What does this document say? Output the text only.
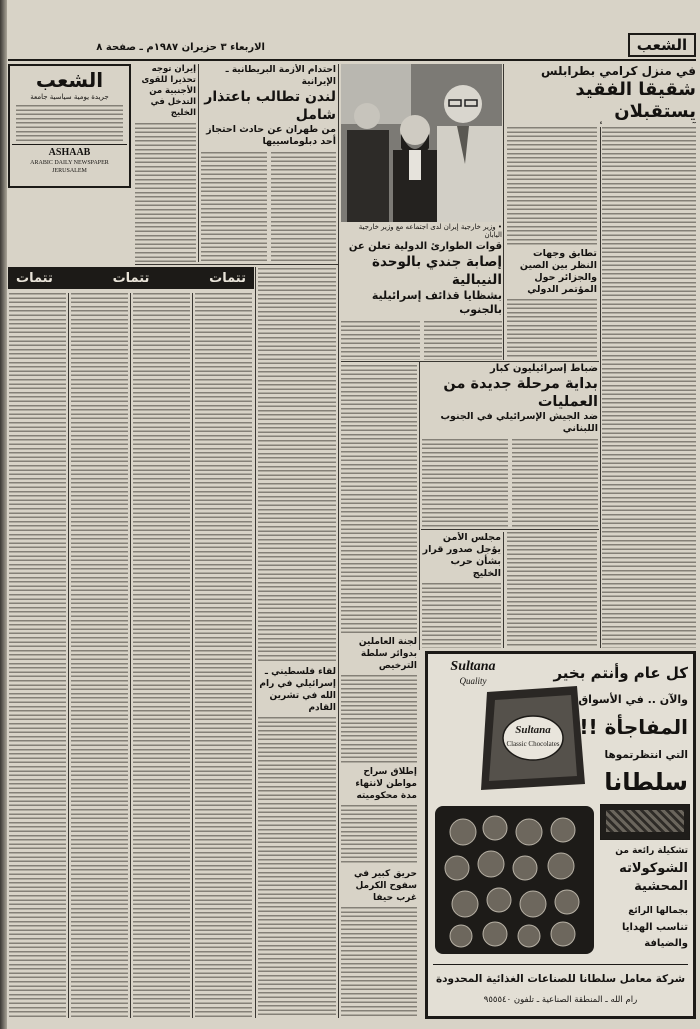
الاربعاء ٣ حزيران ١٩٨٧م ـ صفحة ٨	الشعب
الشعب
جريدة يومية سياسية جامعة
ASHAAB
ARABIC DAILY NEWSPAPER
JERUSALEM
إيران توجه تحذيرا للقوى الأجنبية من التدخل في الخليج
احتدام الأزمة البريطانية ـ الإيرانية
لندن تطالب باعتذار شامل
من طهران عن حادث احتجاز أحد دبلوماسييها
تتمات	تتمات	تتمات
لقاء فلسطيني ـ إسرائيلي في رام الله في تشرين القادم
• وزير خارجية إيران لدى اجتماعه مع وزير خارجية اليابان
قوات الطوارئ الدولية تعلن عن
إصابة جندي بالوحدة النيبالية
بشظايا قذائف إسرائيلية بالجنوب
لجنة العاملين بدوائر سلطة الترخيص
إطلاق سراح مواطن لانتهاء مدة محكوميته
حريق كبير في سفوح الكرمل غرب حيفا
ضباط إسرائيليون كبار
بداية مرحلة جديدة من العمليات
ضد الجيش الإسرائيلي في الجنوب اللبناني
مجلس الأمن يؤجل صدور قرار بشأن حرب الخليج
في منزل كرامي بطرابلس
شقيقا الفقيد يستقبلان
تطابق وجهات النظر بين الصين والجزائر حول المؤتمر الدولي
Sultana
Quality	كل عام وأنتم بخير
والآن .. في الأسواق
المفاجأة !!
التي انتظرتموها
سلطانا
Sultana
Classic Chocolates
تشكيلة رائعة من
الشوكولاته المحشية
بجمالها الرائع
تناسب الهدايا والضيافة
شركة معامل سلطانا للصناعات الغذائية المحدودة
رام الله ـ المنطقة الصناعية ـ تلفون ٩٥٥٥٤٠
